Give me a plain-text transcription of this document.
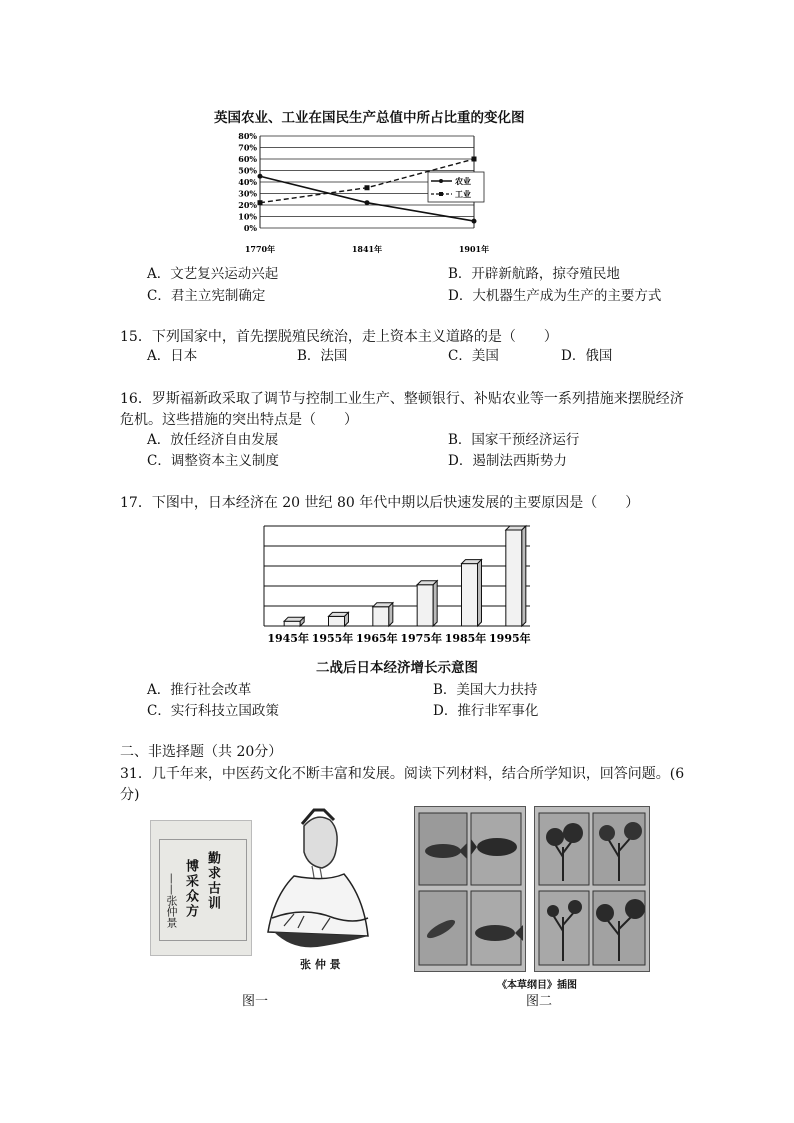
英国农业、工业在国民生产总值中所占比重的变化图
0%
10%
20%
30%
40%
50%
60%
70%
80%
1770年	1841年	1901年
农业
工业
A．文艺复兴运动兴起	B．开辟新航路，掠夺殖民地
C．君主立宪制确定	D．大机器生产成为生产的主要方式
15．下列国家中，首先摆脱殖民统治，走上资本主义道路的是（　　）
A．日本	B．法国	C．美国	D．俄国
16．罗斯福新政采取了调节与控制工业生产、整顿银行、补贴农业等一系列措施来摆脱经济
危机。这些措施的突出特点是（　　）
A．放任经济自由发展	B．国家干预经济运行
C．调整资本主义制度	D．遏制法西斯势力
17．下图中，日本经济在 20 世纪 80 年代中期以后快速发展的主要原因是（　　）
1945年 1955年 1965年 1975年 1985年 1995年
二战后日本经济增长示意图
A．推行社会改革	B．美国大力扶持
C．实行科技立国政策	D．推行非军事化
二、非选择题（共 20分）
31．几千年来，中医药文化不断丰富和发展。阅读下列材料，结合所学知识，回答问题。(6
分)
勤求古训
博采众方
——张仲景
张 仲 景
图一
《本草纲目》插图
图二
